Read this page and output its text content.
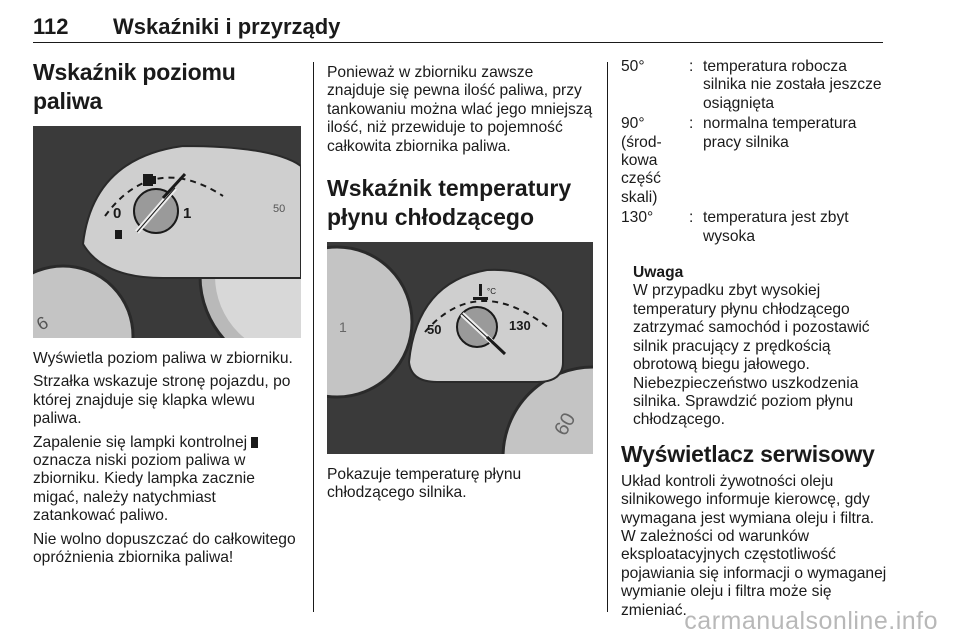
112 Wskaźniki i przyrządy
Wskaźnik poziomu paliwa
6
0	1	50

Wyświetla poziom paliwa w zbiorniku.

Strzałka wskazuje stronę pojazdu, po której znajduje się klapka wlewu paliwa.

Zapalenie się lampki kontrolnej  oznacza niski poziom paliwa w zbiorniku. Kiedy lampka zacznie migać, należy natychmiast zatankować paliwo.

Nie wolno dopuszczać do całkowitego opróżnienia zbiornika paliwa!

Ponieważ w zbiorniku zawsze znajduje się pewna ilość paliwa, przy tankowaniu można wlać jego mniejszą ilość, niż przewiduje to pojemność całkowita zbiornika paliwa.

Wskaźnik temperatury płynu chłodzącego
1
60
50	130
°C

Pokazuje temperaturę płynu chłodzącego silnika.

50°	:	temperatura robocza silnika nie została jeszcze osiągnięta
90° (środ-kowa część skali)	:	normalna temperatura pracy silnika
130°	:	temperatura jest zbyt wysoka
Uwaga
W przypadku zbyt wysokiej temperatury płynu chłodzącego zatrzymać samochód i pozostawić silnik pracujący z prędkością obrotową biegu jałowego. Niebezpieczeństwo uszkodzenia silnika. Sprawdzić poziom płynu chłodzącego.
Wyświetlacz serwisowy

Układ kontroli żywotności oleju silnikowego informuje kierowcę, gdy wymagana jest wymiana oleju i filtra. W zależności od warunków eksploatacyjnych częstotliwość pojawiania się informacji o wymaganej wymianie oleju i filtra może się zmieniać.

carmanualsonline.info
